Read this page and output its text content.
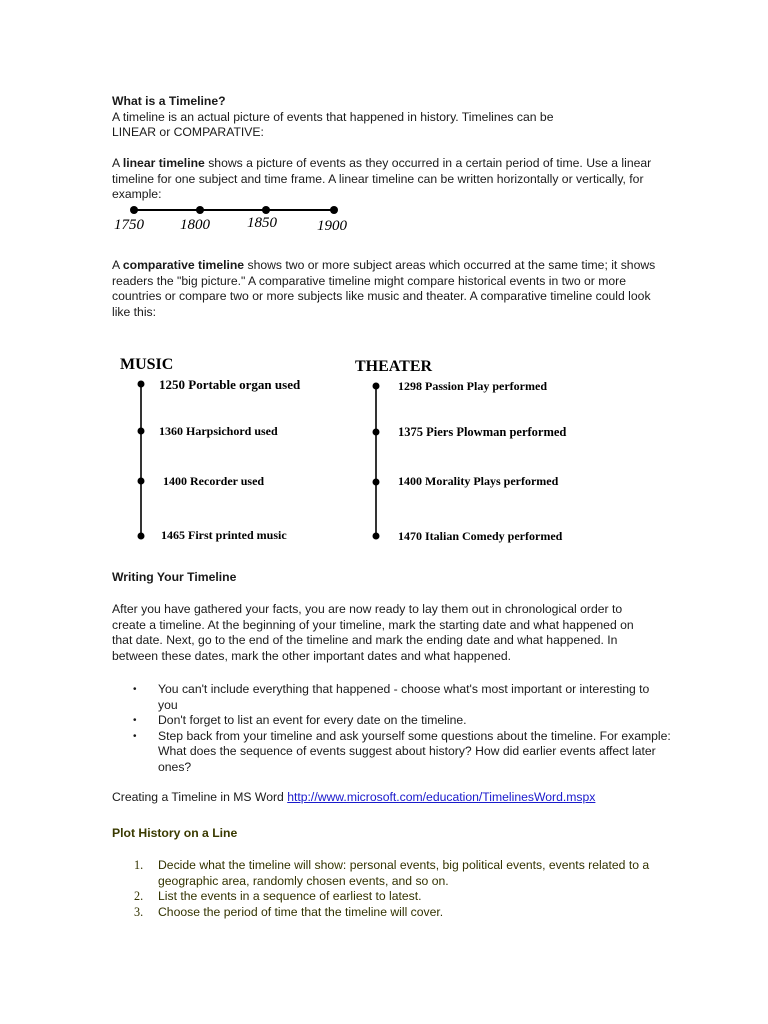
What is a Timeline?

A timeline is an actual picture of events that happened in history. Timelines can be

LINEAR or COMPARATIVE:

A linear timeline shows a picture of events as they occurred in a certain period of time. Use a linear timeline for one subject and time frame. A linear timeline can be written horizontally or vertically, for example:

1750 1800 1850	1900

A comparative timeline shows two or more subject areas which occurred at the same time; it shows readers the "big picture." A comparative timeline might compare historical events in two or more countries or compare two or more subjects like music and theater. A comparative timeline could look like this:

MUSIC
1250 Portable organ used
1360 Harpsichord used
1400 Recorder used
1465 First printed music
THEATER
1298 Passion Play performed
1375 Piers Plowman performed
1400 Morality Plays performed
1470 Italian Comedy performed

Writing Your Timeline

After you have gathered your facts, you are now ready to lay them out in chronological order to create a timeline. At the beginning of your timeline, mark the starting date and what happened on that date. Next, go to the end of the timeline and mark the ending date and what happened. In between these dates, mark the other important dates and what happened.

• You can't include everything that happened - choose what's most important or interesting to you
• Don't forget to list an event for every date on the timeline.
• Step back from your timeline and ask yourself some questions about the timeline. For example: What does the sequence of events suggest about history? How did earlier events affect later ones?

Creating a Timeline in MS Word http://www.microsoft.com/education/TimelinesWord.mspx

Plot History on a Line

1. Decide what the timeline will show: personal events, big political events, events related to a geographic area, randomly chosen events, and so on.
2. List the events in a sequence of earliest to latest.
3. Choose the period of time that the timeline will cover.
